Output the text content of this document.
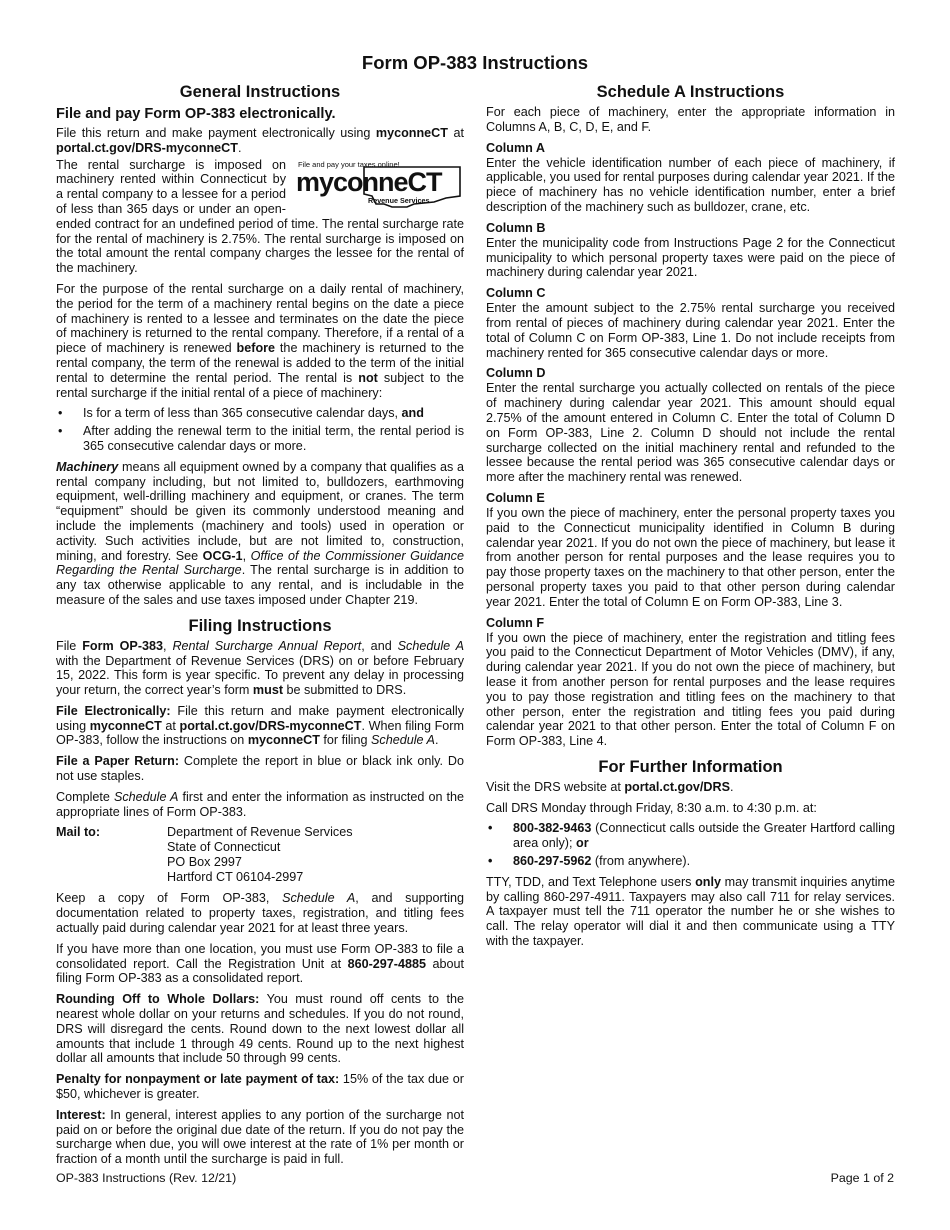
Form OP-383 Instructions
General Instructions
File and pay Form OP-383 electronically.

File this return and make payment electronically using myconneCT at portal.ct.gov/DRS-myconneCT.

File and pay your taxes online!
myconneCT
Revenue Services

The rental surcharge is imposed on machinery rented within Connecticut by a rental company to a lessee for a period of less than 365 days or under an open-ended contract for an undefined period of time. The rental surcharge rate for the rental of machinery is 2.75%. The rental surcharge is imposed on the total amount the rental company charges the lessee for the rental of the machinery.

For the purpose of the rental surcharge on a daily rental of machinery, the period for the term of a machinery rental begins on the date a piece of machinery is rented to a lessee and terminates on the date the piece of machinery is returned to the rental company. Therefore, if a rental of a piece of machinery is renewed before the machinery is returned to the rental company, the term of the renewal is added to the term of the initial rental to determine the rental period. The rental is not subject to the rental surcharge if the initial rental of a piece of machinery:

• Is for a term of less than 365 consecutive calendar days, and
• After adding the renewal term to the initial term, the rental period is 365 consecutive calendar days or more.

Machinery means all equipment owned by a company that qualifies as a rental company including, but not limited to, bulldozers, earthmoving equipment, well-drilling machinery and equipment, or cranes. The term “equipment” should be given its commonly understood meaning and include the implements (machinery and tools) used in operation or activity. Such activities include, but are not limited to, construction, mining, and forestry. See OCG-1, Office of the Commissioner Guidance Regarding the Rental Surcharge. The rental surcharge is in addition to any tax otherwise applicable to any rental, and is includable in the measure of the sales and use taxes imposed under Chapter 219.

Filing Instructions

File Form OP-383, Rental Surcharge Annual Report, and Schedule A with the Department of Revenue Services (DRS) on or before February 15, 2022. This form is year specific. To prevent any delay in processing your return, the correct year’s form must be submitted to DRS.

File Electronically: File this return and make payment electronically using myconneCT at portal.ct.gov/DRS-myconneCT. When filing Form OP-383, follow the instructions on myconneCT for filing Schedule A.

File a Paper Return: Complete the report in blue or black ink only. Do not use staples.

Complete Schedule A first and enter the information as instructed on the appropriate lines of Form OP-383.

Mail to:	Department of Revenue Services
State of Connecticut
PO Box 2997
Hartford CT 06104-2997

Keep a copy of Form OP-383, Schedule A, and supporting documentation related to property taxes, registration, and titling fees actually paid during calendar year 2021 for at least three years.

If you have more than one location, you must use Form OP-383 to file a consolidated report. Call the Registration Unit at 860-297-4885 about filing Form OP-383 as a consolidated report.

Rounding Off to Whole Dollars: You must round off cents to the nearest whole dollar on your returns and schedules. If you do not round, DRS will disregard the cents. Round down to the next lowest dollar all amounts that include 1 through 49 cents. Round up to the next highest dollar all amounts that include 50 through 99 cents.

Penalty for nonpayment or late payment of tax: 15% of the tax due or $50, whichever is greater.

Interest: In general, interest applies to any portion of the surcharge not paid on or before the original due date of the return. If you do not pay the surcharge when due, you will owe interest at the rate of 1% per month or fraction of a month until the surcharge is paid in full.

Schedule A Instructions

For each piece of machinery, enter the appropriate information in Columns A, B, C, D, E, and F.

Column A

Enter the vehicle identification number of each piece of machinery, if applicable, you used for rental purposes during calendar year 2021. If the piece of machinery has no vehicle identification number, enter a brief description of the machinery such as bulldozer, crane, etc.

Column B

Enter the municipality code from Instructions Page 2 for the Connecticut municipality to which personal property taxes were paid on the piece of machinery during calendar year 2021.

Column C

Enter the amount subject to the 2.75% rental surcharge you received from rental of pieces of machinery during calendar year 2021. Enter the total of Column C on Form OP-383, Line 1. Do not include receipts from machinery rented for 365 consecutive calendar days or more.

Column D

Enter the rental surcharge you actually collected on rentals of the piece of machinery during calendar year 2021. This amount should equal 2.75% of the amount entered in Column C. Enter the total of Column D on Form OP-383, Line 2. Column D should not include the rental surcharge collected on the initial machinery rental and refunded to the lessee because the rental period was 365 consecutive calendar days or more after the machinery rental was renewed.

Column E

If you own the piece of machinery, enter the personal property taxes you paid to the Connecticut municipality identified in Column B during calendar year 2021. If you do not own the piece of machinery, but lease it from another person for rental purposes and the lease requires you to pay those property taxes on the machinery to that other person, enter the personal property taxes you paid to that other person during calendar year 2021. Enter the total of Column E on Form OP-383, Line 3.

Column F

If you own the piece of machinery, enter the registration and titling fees you paid to the Connecticut Department of Motor Vehicles (DMV), if any, during calendar year 2021. If you do not own the piece of machinery, but lease it from another person for rental purposes and the lease requires you to pay those registration and titling fees on the machinery to that other person, enter the registration and titling fees you paid during calendar year 2021 to that other person. Enter the total of Column F on Form OP-383, Line 4.

For Further Information

Visit the DRS website at portal.ct.gov/DRS.

Call DRS Monday through Friday, 8:30 a.m. to 4:30 p.m. at:

• 800-382-9463 (Connecticut calls outside the Greater Hartford calling area only); or
• 860-297-5962 (from anywhere).

TTY, TDD, and Text Telephone users only may transmit inquiries anytime by calling 860-297-4911. Taxpayers may also call 711 for relay services. A taxpayer must tell the 711 operator the number he or she wishes to call. The relay operator will dial it and then communicate using a TTY with the taxpayer.

OP-383 Instructions (Rev. 12/21)	Page 1 of 2
